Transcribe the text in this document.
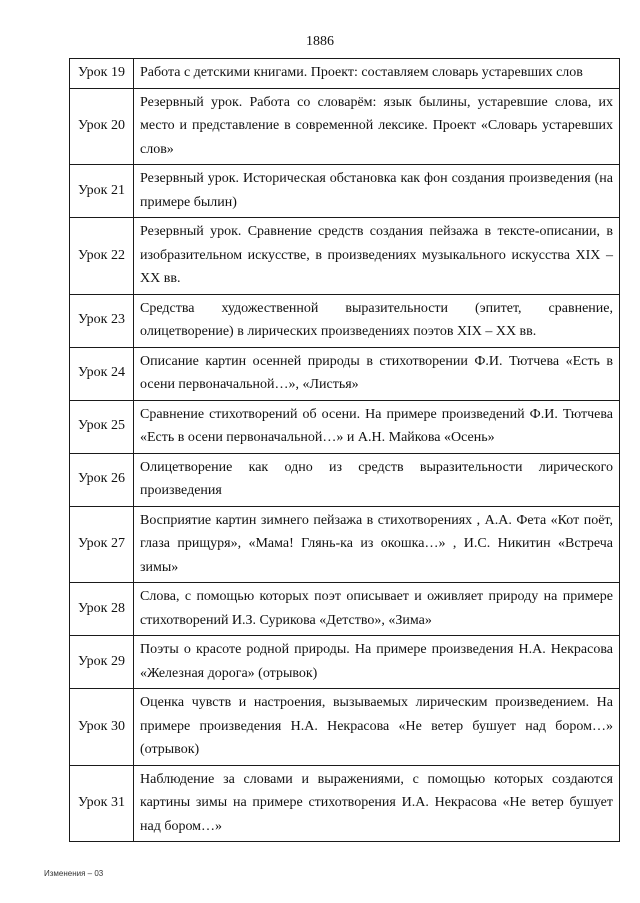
1886
Урок 19	Работа с детскими книгами. Проект: составляем словарь устаревших слов
Урок 20	Резервный урок. Работа со словарём: язык былины, устаревшие слова, их место и представление в современной лексике. Проект «Словарь устаревших слов»
Урок 21	Резервный урок. Историческая обстановка как фон создания произведения (на примере былин)
Урок 22	Резервный урок. Сравнение средств создания пейзажа в тексте-описании, в изобразительном искусстве, в произведениях музыкального искусства XIX – XX вв.
Урок 23	Средства художественной выразительности (эпитет, сравнение, олицетворение) в лирических произведениях поэтов XIX – XX вв.
Урок 24	Описание картин осенней природы в стихотворении Ф.И. Тютчева «Есть в осени первоначальной…», «Листья»
Урок 25	Сравнение стихотворений об осени. На примере произведений Ф.И. Тютчева «Есть в осени первоначальной…» и А.Н. Майкова «Осень»
Урок 26	Олицетворение как одно из средств выразительности лирического произведения
Урок 27	Восприятие картин зимнего пейзажа в стихотворениях , А.А. Фета «Кот поёт, глаза прищуря», «Мама! Глянь-ка из окошка…» , И.С. Никитин «Встреча зимы»
Урок 28	Слова, с помощью которых поэт описывает и оживляет природу на примере стихотворений И.З. Сурикова «Детство», «Зима»
Урок 29	Поэты о красоте родной природы. На примере произведения Н.А. Некрасова «Железная дорога» (отрывок)
Урок 30	Оценка чувств и настроения, вызываемых лирическим произведением. На примере произведения Н.А. Некрасова «Не ветер бушует над бором…» (отрывок)
Урок 31	Наблюдение за словами и выражениями, с помощью которых создаются картины зимы на примере стихотворения И.А. Некрасова «Не ветер бушует над бором…»
Изменения – 03
